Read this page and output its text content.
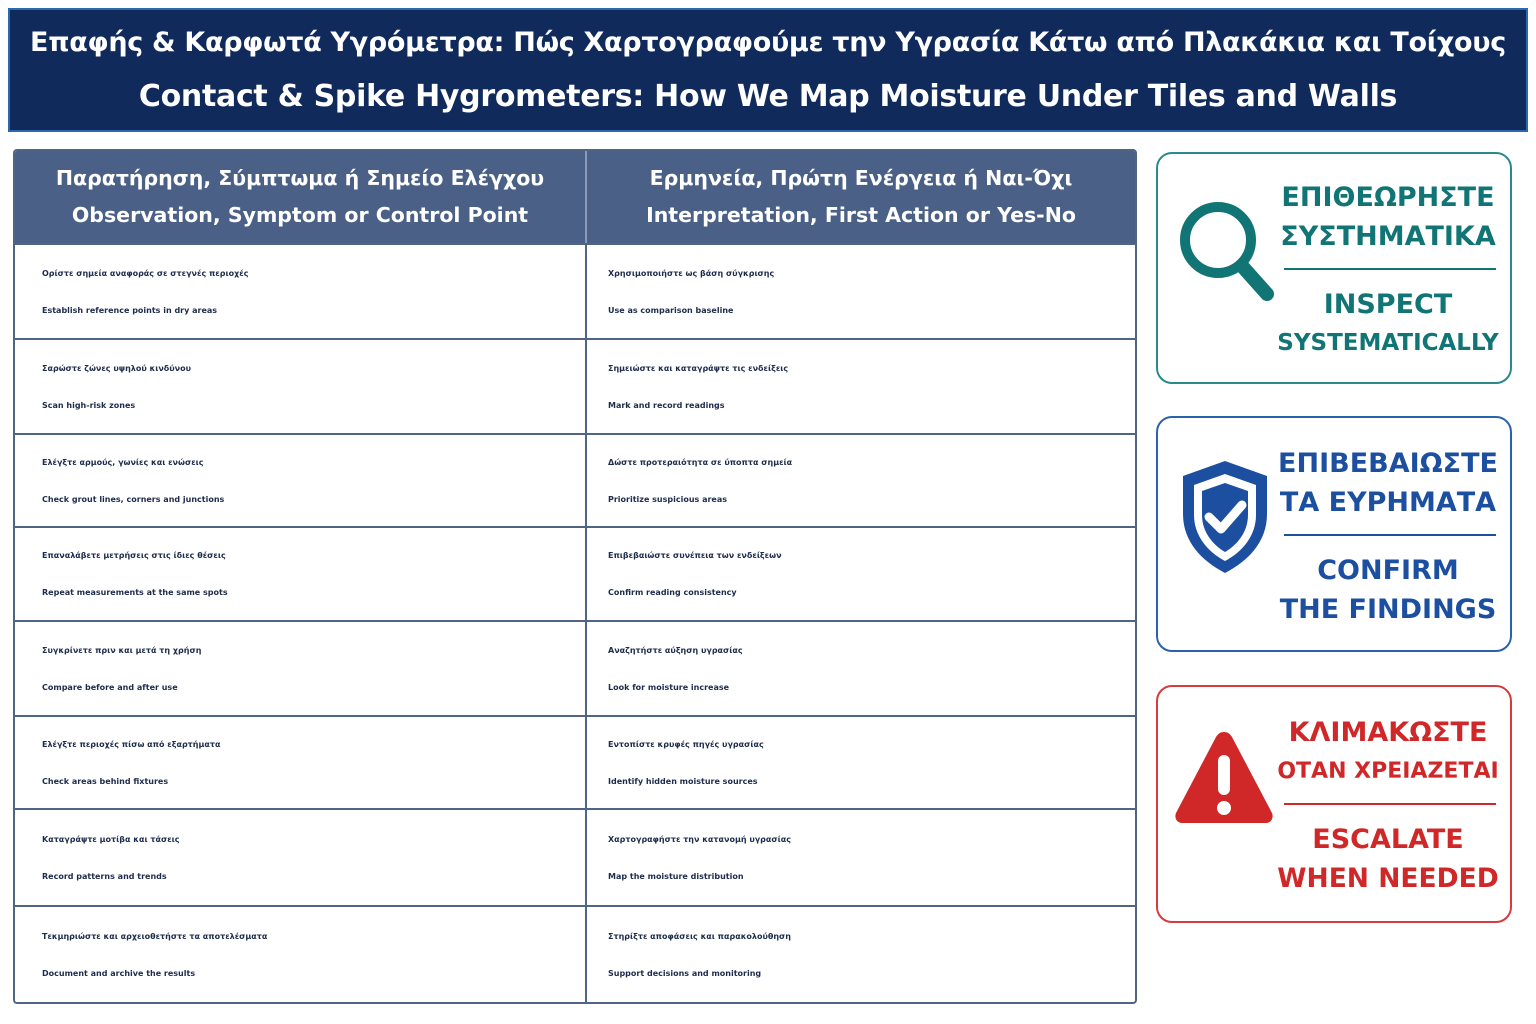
Επαφής & Καρφωτά Υγρόμετρα: Πώς Χαρτογραφούμε την Υγρασία Κάτω από Πλακάκια και Τοίχους
Contact & Spike Hygrometers: How We Map Moisture Under Tiles and Walls
Παρατήρηση, Σύμπτωμα ή Σημείο Ελέγχου
Observation, Symptom or Control Point
Ερμηνεία, Πρώτη Ενέργεια ή Ναι-Όχι
Interpretation, First Action or Yes-No
Ορίστε σημεία αναφοράς σε στεγνές περιοχές
Establish reference points in dry areas
Χρησιμοποιήστε ως βάση σύγκρισης
Use as comparison baseline
Σαρώστε ζώνες υψηλού κινδύνου
Scan high-risk zones
Σημειώστε και καταγράψτε τις ενδείξεις
Mark and record readings
Ελέγξτε αρμούς, γωνίες και ενώσεις
Check grout lines, corners and junctions
Δώστε προτεραιότητα σε ύποπτα σημεία
Prioritize suspicious areas
Επαναλάβετε μετρήσεις στις ίδιες θέσεις
Repeat measurements at the same spots
Επιβεβαιώστε συνέπεια των ενδείξεων
Confirm reading consistency
Συγκρίνετε πριν και μετά τη χρήση
Compare before and after use
Αναζητήστε αύξηση υγρασίας
Look for moisture increase
Ελέγξτε περιοχές πίσω από εξαρτήματα
Check areas behind fixtures
Εντοπίστε κρυφές πηγές υγρασίας
Identify hidden moisture sources
Καταγράψτε μοτίβα και τάσεις
Record patterns and trends
Χαρτογραφήστε την κατανομή υγρασίας
Map the moisture distribution
Τεκμηριώστε και αρχειοθετήστε τα αποτελέσματα
Document and archive the results
Στηρίξτε αποφάσεις και παρακολούθηση
Support decisions and monitoring
ΕΠΙΘΕΩΡΗΣΤΕ
ΣΥΣΤΗΜΑΤΙΚΑ
INSPECT
SYSTEMATICALLY
ΕΠΙΒΕΒΑΙΩΣΤΕ
ΤΑ ΕΥΡΗΜΑΤΑ
CONFIRM
THE FINDINGS
ΚΛΙΜΑΚΩΣΤΕ
ΟΤΑΝ ΧΡΕΙΑΖΕΤΑΙ
ESCALATE
WHEN NEEDED
